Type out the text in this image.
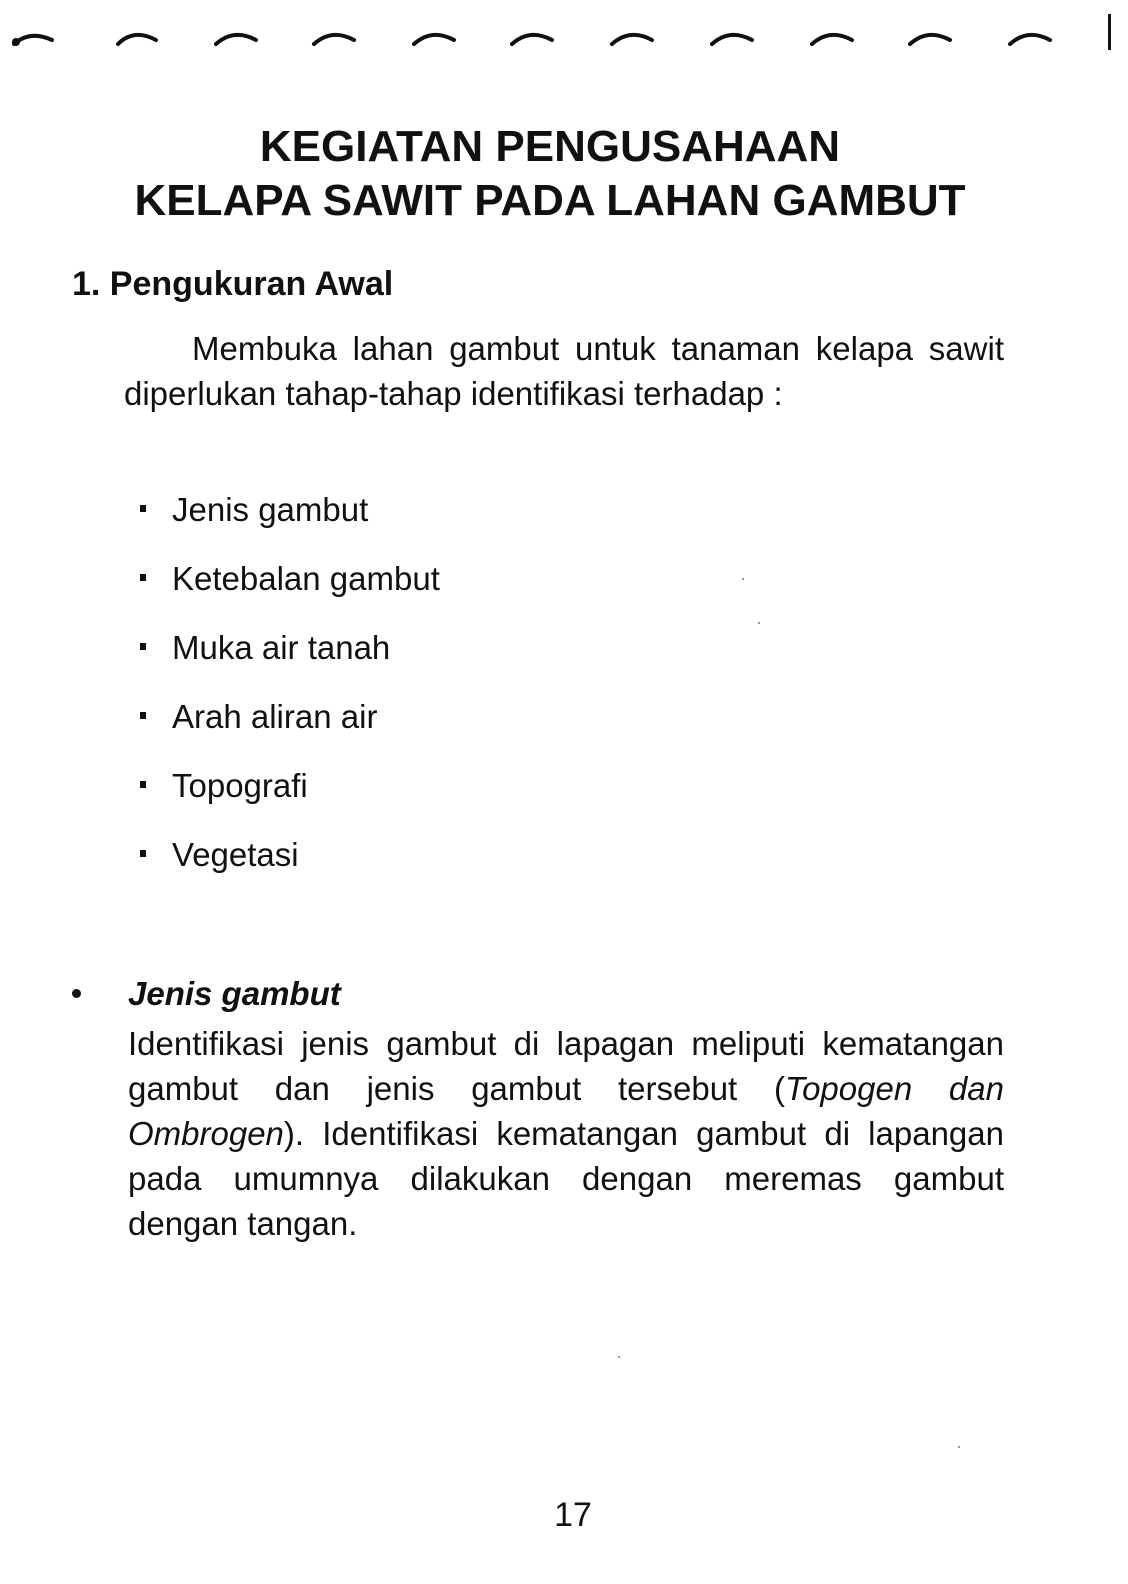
KEGIATAN PENGUSAHAAN
KELAPA SAWIT PADA LAHAN GAMBUT
1. Pengukuran Awal

Membuka lahan gambut untuk tanaman kelapa sawit diperlukan tahap-tahap identifikasi terhadap :

Jenis gambut
Ketebalan gambut
Muka air tanah
Arah aliran air
Topografi
Vegetasi
Jenis gambut

Identifikasi jenis gambut di lapagan meliputi kematangan gambut dan jenis gambut tersebut (Topogen dan Ombrogen). Identifikasi kematangan gambut di lapangan pada umumnya dilakukan dengan meremas gambut dengan tangan.

17
